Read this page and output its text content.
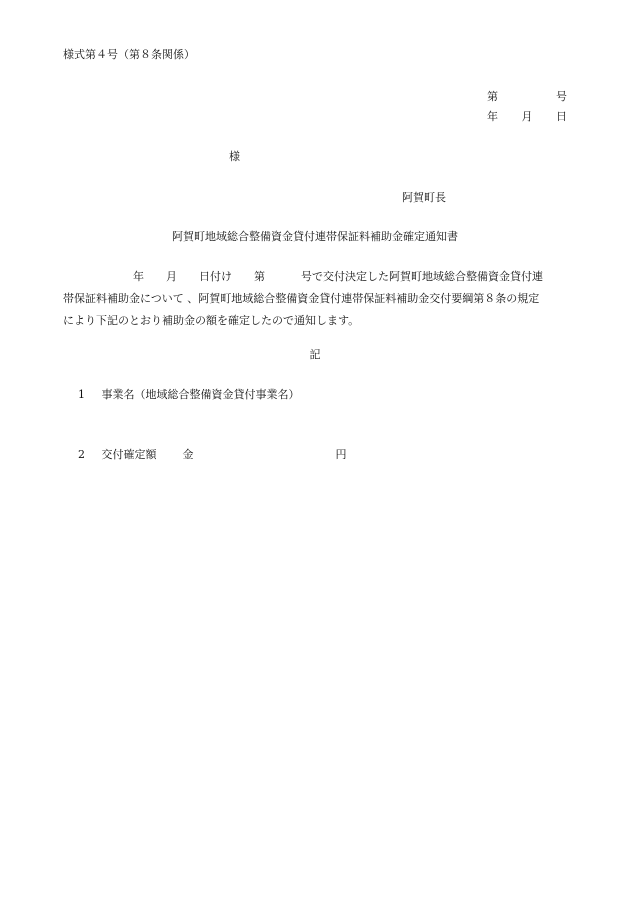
様式第４号（第８条関係）
第	号
年 月 日
様
阿賀町長
阿賀町地域総合整備資金貸付連帯保証料補助金確定通知書
年 月 日付け 第	号で交付決定した阿賀町地域総合整備資金貸付連
帯保証料補助金について 、阿賀町地域総合整備資金貸付連帯保証料補助金交付要綱第８条の規定
により下記のとおり補助金の額を確定したので通知します。
記
1 事業名（地域総合整備資金貸付事業名）
2 交付確定額 金	円
